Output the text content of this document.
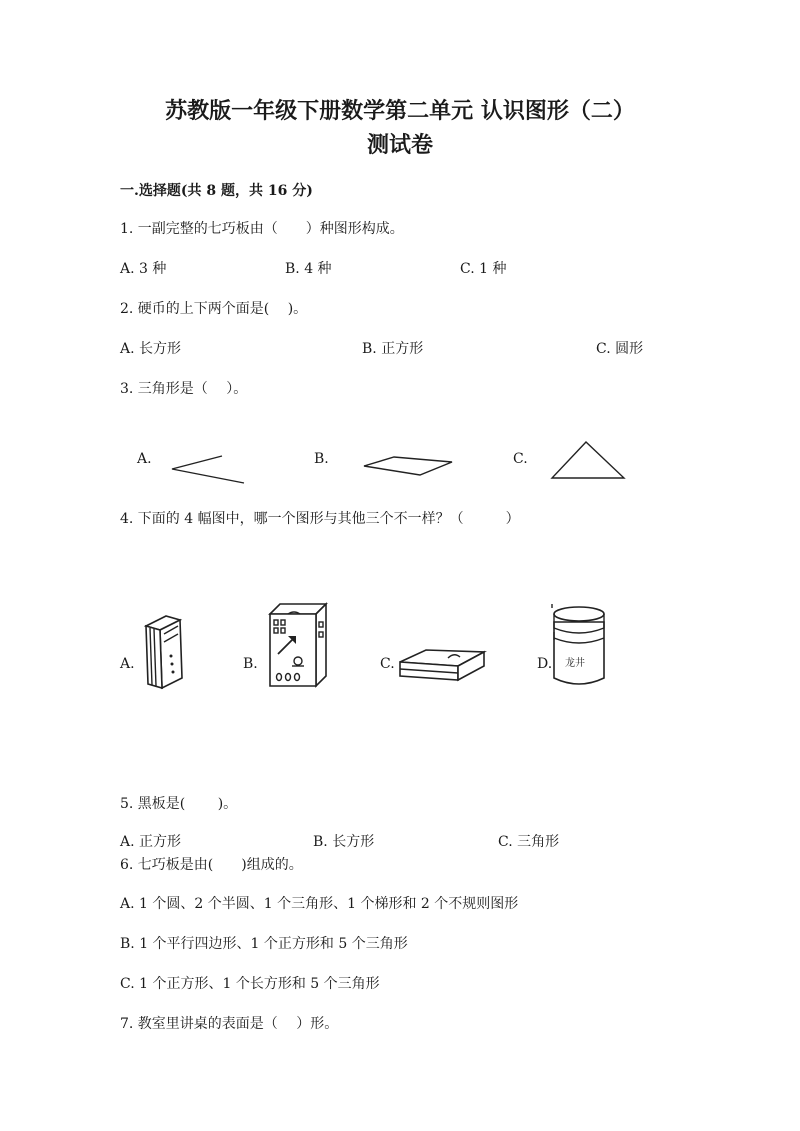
苏教版一年级下册数学第二单元 认识图形（二）
测试卷
一.选择题(共 8 题，共 16 分)
1. 一副完整的七巧板由（　　）种图形构成。
A. 3 种	B. 4 种	C. 1 种
2. 硬币的上下两个面是(　 )。
A. 长方形	B. 正方形	C. 圆形
3. 三角形是（　 ）。
A.	B.	C.
4. 下面的 4 幅图中，哪一个图形与其他三个不一样？（　　　）
A.	B.	C.	D. 龙井
5. 黑板是(　　 )。
A. 正方形	B. 长方形	C. 三角形
6. 七巧板是由(　　)组成的。
A. 1 个圆、2 个半圆、1 个三角形、1 个梯形和 2 个不规则图形
B. 1 个平行四边形、1 个正方形和 5 个三角形
C. 1 个正方形、1 个长方形和 5 个三角形
7. 教室里讲桌的表面是（　 ）形。
